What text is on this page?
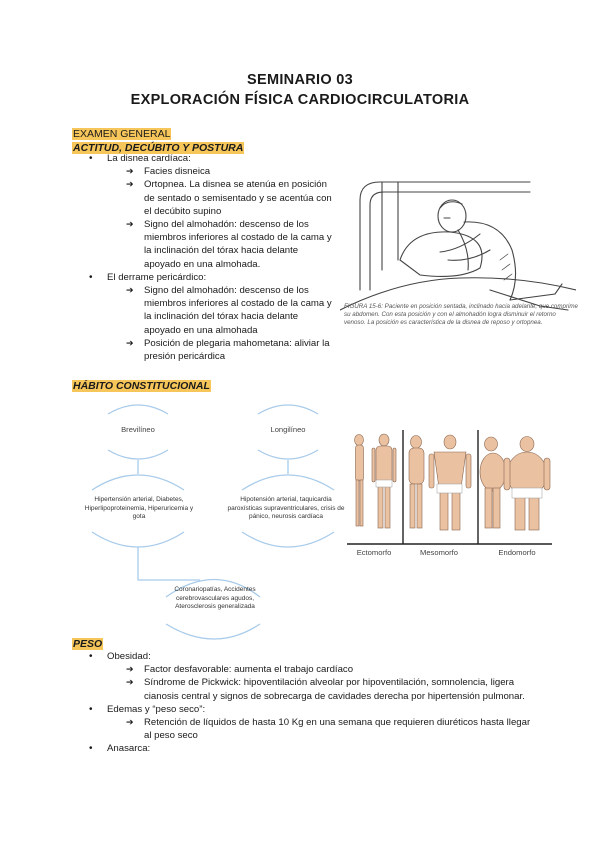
SEMINARIO 03
EXPLORACIÓN FÍSICA CARDIOCIRCULATORIA
EXAMEN GENERAL
ACTITUD, DECÚBITO Y POSTURA
• La disnea cardíaca:
➔ Facies disneica
➔ Ortopnea. La disnea se atenúa en posición de sentado o semisentado y se acentúa con el decúbito supino
➔ Signo del almohadón: descenso de los miembros inferiores al costado de la cama y la inclinación del tórax hacia delante apoyado en una almohada.
• El derrame pericárdico:
➔ Signo del almohadón: descenso de los miembros inferiores al costado de la cama y la inclinación del tórax hacia delante apoyado en una almohada
➔ Posición de plegaria mahometana: aliviar la presión pericárdica
FIGURA 15-6: Paciente en posición sentada, inclinado hacia adelante, que comprime su abdomen. Con esta posición y con el almohadón logra disminuir el retorno venoso. La posición es característica de la disnea de reposo y ortopnea.
HÁBITO CONSTITUCIONAL
Brevilíneo	Longilíneo
Hipertensión arterial, Diabetes, Hiperlipoproteinemia, Hiperuricemia y gota
Hipotensión arterial, taquicardia paroxísticas supraventriculares, crisis de pánico, neurosis cardíaca
Coronariopatías, Accidentes cerebrovasculares agudos, Aterosclerosis generalizada
Ectomorfo	Mesomorfo	Endomorfo
PESO
• Obesidad:
➔ Factor desfavorable: aumenta el trabajo cardíaco
➔ Síndrome de Pickwick: hipoventilación alveolar por hipoventilación, somnolencia, ligera cianosis central y signos de sobrecarga de cavidades derecha por hipertensión pulmonar.
• Edemas y “peso seco”:
➔ Retención de líquidos de hasta 10 Kg en una semana que requieren diuréticos hasta llegar al peso seco
• Anasarca:
